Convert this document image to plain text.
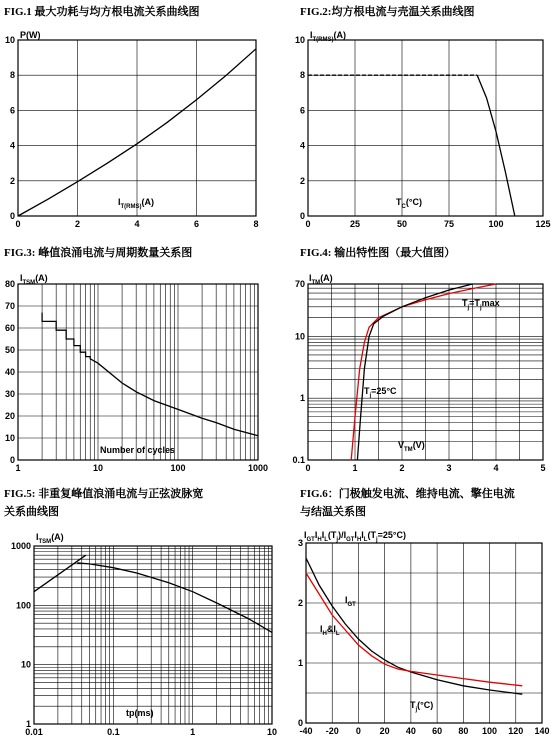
FIG.1 最大功耗与均方根电流关系曲线图	FIG.2:均方根电流与壳温关系曲线图
FIG.3: 峰值浪涌电流与周期数量关系图	FIG.4: 输出特性图（最大值图）
FIG.5: 非重复峰值浪涌电流与正弦波脉宽
关系曲线图
FIG.6：门极触发电流、维持电流、擎住电流
与结温关系图
0	2	4	6	8
0
2
4
6
8
10
0	25	50	75	100	125
0
2
4
6
8
10
1	10	100	1000
0
10
20
30
40
50
60
70
80
0	1	2	3	4	5
0.1
1
10
70
0.01	0.1	1	10
1
10
100
1000
-40 -20 0 20 40 60 80 100 120 140
0
1
2
3
P(W)
$I_{T(RMS)}(A)$
$I_{T(RMS)}(A)$
$T_C(^\circ C)$
$I_{TSM}(A)$
Number of cycles
$I_{TM}(A)$
$V_{TM}(V)$
$T_j=T_j\max$
$T_j=25^\circ C$
$I_{TSM}(A)$
tp(ms)
$I_{GT}I_HI_L(T_j)/I_{GT}I_HI_L(T_j=25^\circ C)$
$T_j(^\circ C)$
$I_{GT}$
$I_H\&I_L$
